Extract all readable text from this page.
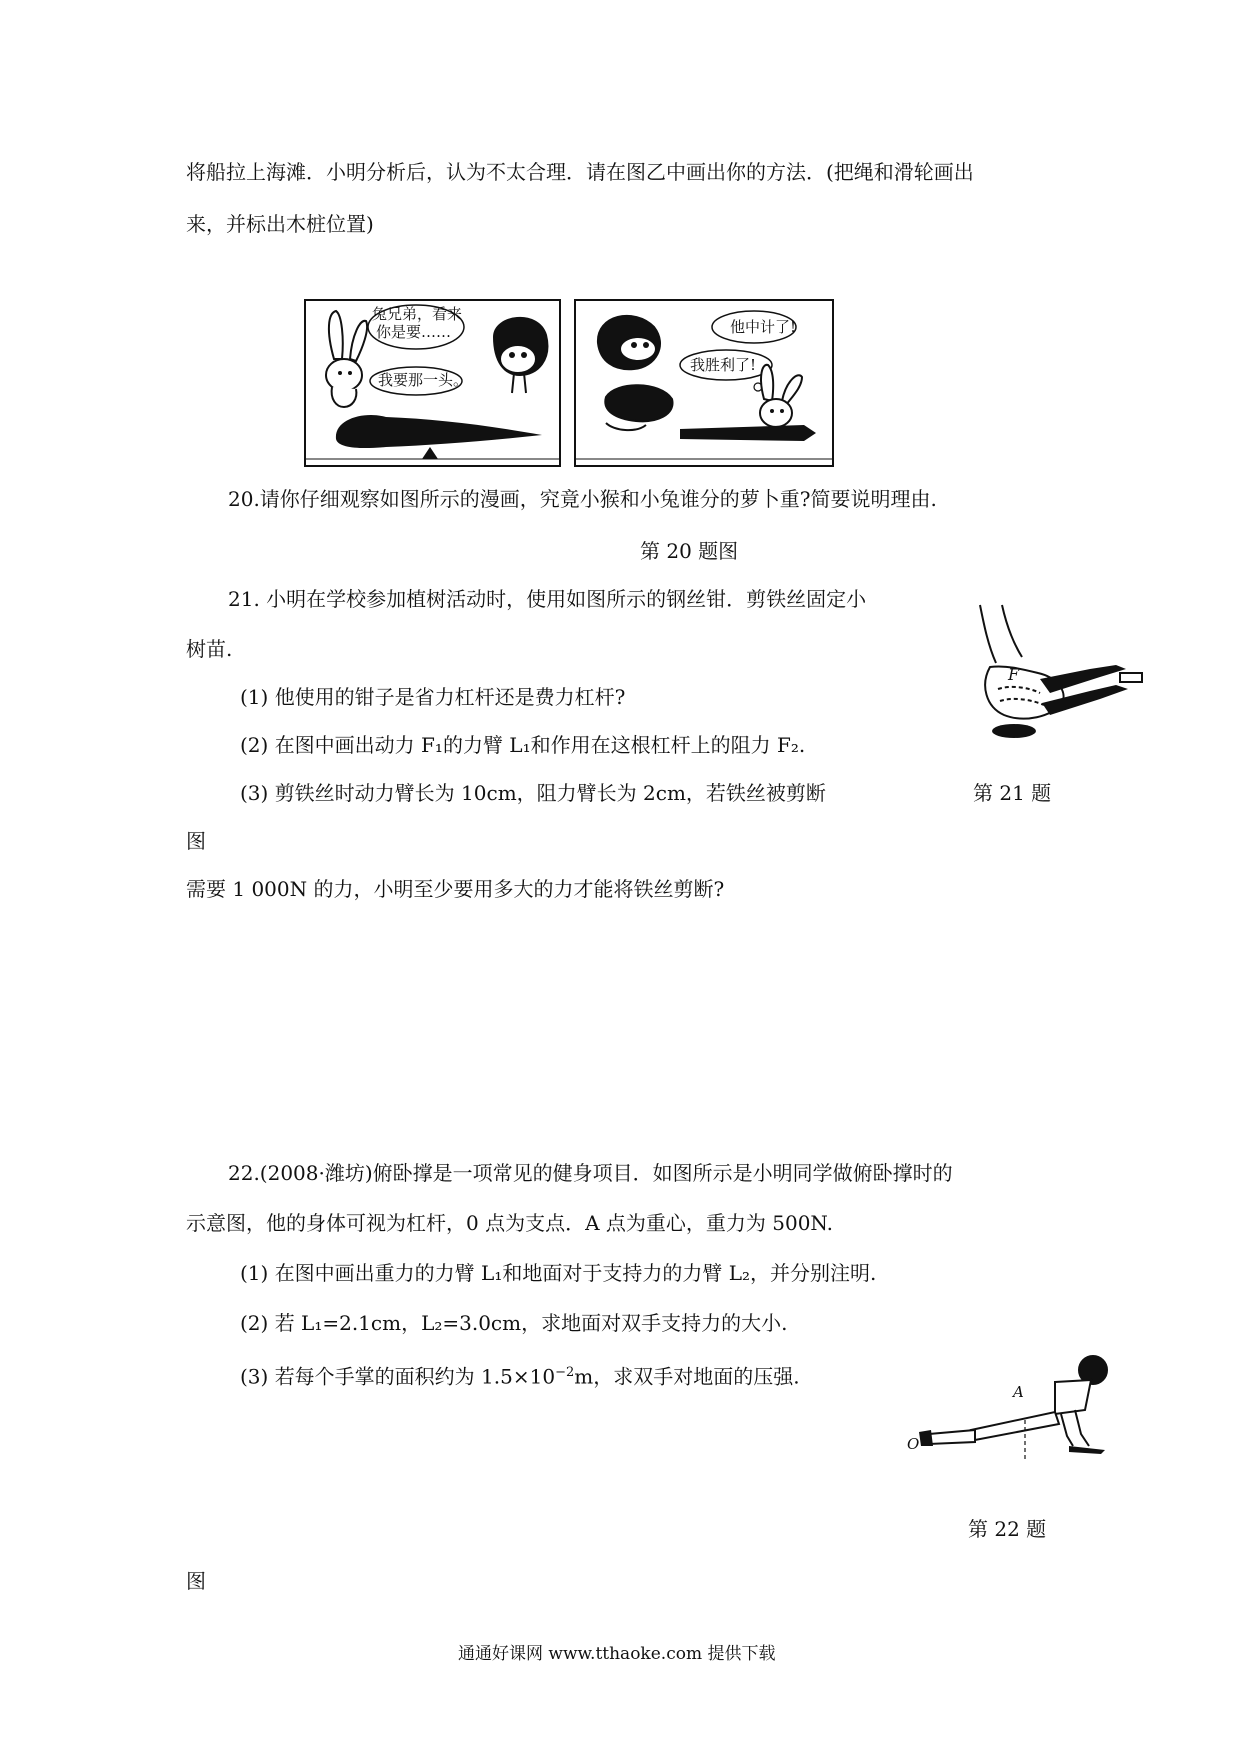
将船拉上海滩．小明分析后，认为不太合理．请在图乙中画出你的方法．(把绳和滑轮画出
来，并标出木桩位置)
兔兄弟，看来
你是要……
我要那一头。
他中计了!
我胜利了!
20.请你仔细观察如图所示的漫画，究竟小猴和小兔谁分的萝卜重?简要说明理由.
第 20 题图
21. 小明在学校参加植树活动时，使用如图所示的钢丝钳．剪铁丝固定小
树苗.
(1) 他使用的钳子是省力杠杆还是费力杠杆?
(2) 在图中画出动力 F₁的力臂 L₁和作用在这根杠杆上的阻力 F₂.
(3) 剪铁丝时动力臂长为 10cm，阻力臂长为 2cm，若铁丝被剪断	第 21 题
图
需要 1 000N 的力，小明至少要用多大的力才能将铁丝剪断?
F
22.(2008·潍坊)俯卧撑是一项常见的健身项目．如图所示是小明同学做俯卧撑时的
示意图，他的身体可视为杠杆，0 点为支点．A 点为重心，重力为 500N.
(1) 在图中画出重力的力臂 L₁和地面对于支持力的力臂 L₂，并分别注明.
(2) 若 L₁=2.1cm，L₂=3.0cm，求地面对双手支持力的大小.
(3) 若每个手掌的面积约为 $1.5\times 10^{-2}m$，求双手对地面的压强.
A
O
第 22 题
图
通通好课网 www.tthaoke.com 提供下载
